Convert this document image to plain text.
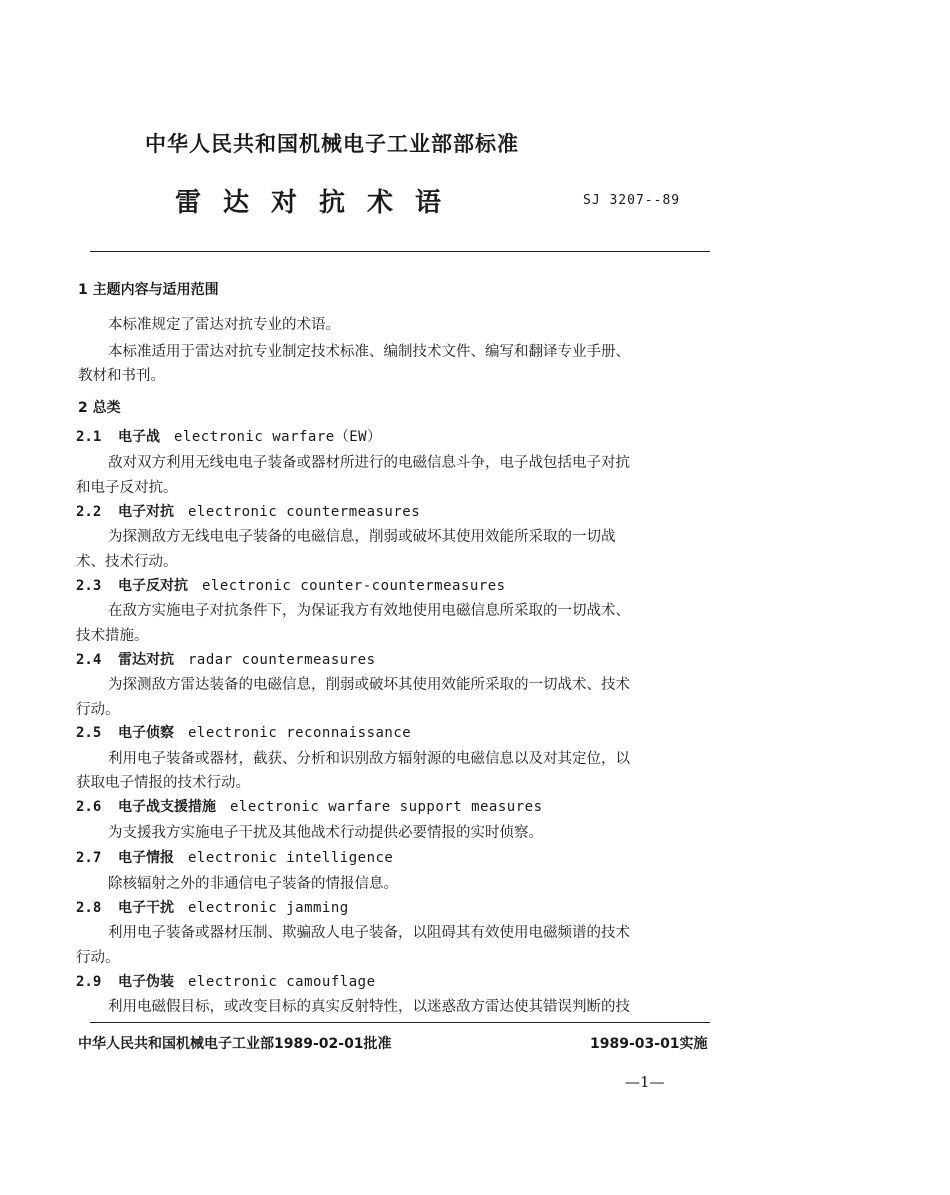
中华人民共和国机械电子工业部部标准
雷达对抗术语	SJ 3207--89
1 主题内容与适用范围
本标准规定了雷达对抗专业的术语。
本标准适用于雷达对抗专业制定技术标准、编制技术文件、编写和翻译专业手册、
教材和书刊。
2 总类
2.1 电子战 electronic warfare（EW）
敌对双方利用无线电电子装备或器材所进行的电磁信息斗争，电子战包括电子对抗
和电子反对抗。
2.2 电子对抗 electronic countermeasures
为探测敌方无线电电子装备的电磁信息，削弱或破坏其使用效能所采取的一切战
术、技术行动。
2.3 电子反对抗 electronic counter-countermeasures
在敌方实施电子对抗条件下，为保证我方有效地使用电磁信息所采取的一切战术、
技术措施。
2.4 雷达对抗 radar countermeasures
为探测敌方雷达装备的电磁信息，削弱或破坏其使用效能所采取的一切战术、技术
行动。
2.5 电子侦察 electronic reconnaissance
利用电子装备或器材，截获、分析和识别敌方辐射源的电磁信息以及对其定位，以
获取电子情报的技术行动。
2.6 电子战支援措施 electronic warfare support measures
为支援我方实施电子干扰及其他战术行动提供必要情报的实时侦察。
2.7 电子情报 electronic intelligence
除核辐射之外的非通信电子装备的情报信息。
2.8 电子干扰 electronic jamming
利用电子装备或器材压制、欺骗敌人电子装备，以阻碍其有效使用电磁频谱的技术
行动。
2.9 电子伪装 electronic camouflage
利用电磁假目标，或改变目标的真实反射特性，以迷惑敌方雷达使其错误判断的技
中华人民共和国机械电子工业部1989-02-01批准	1989-03-01实施
—1—
